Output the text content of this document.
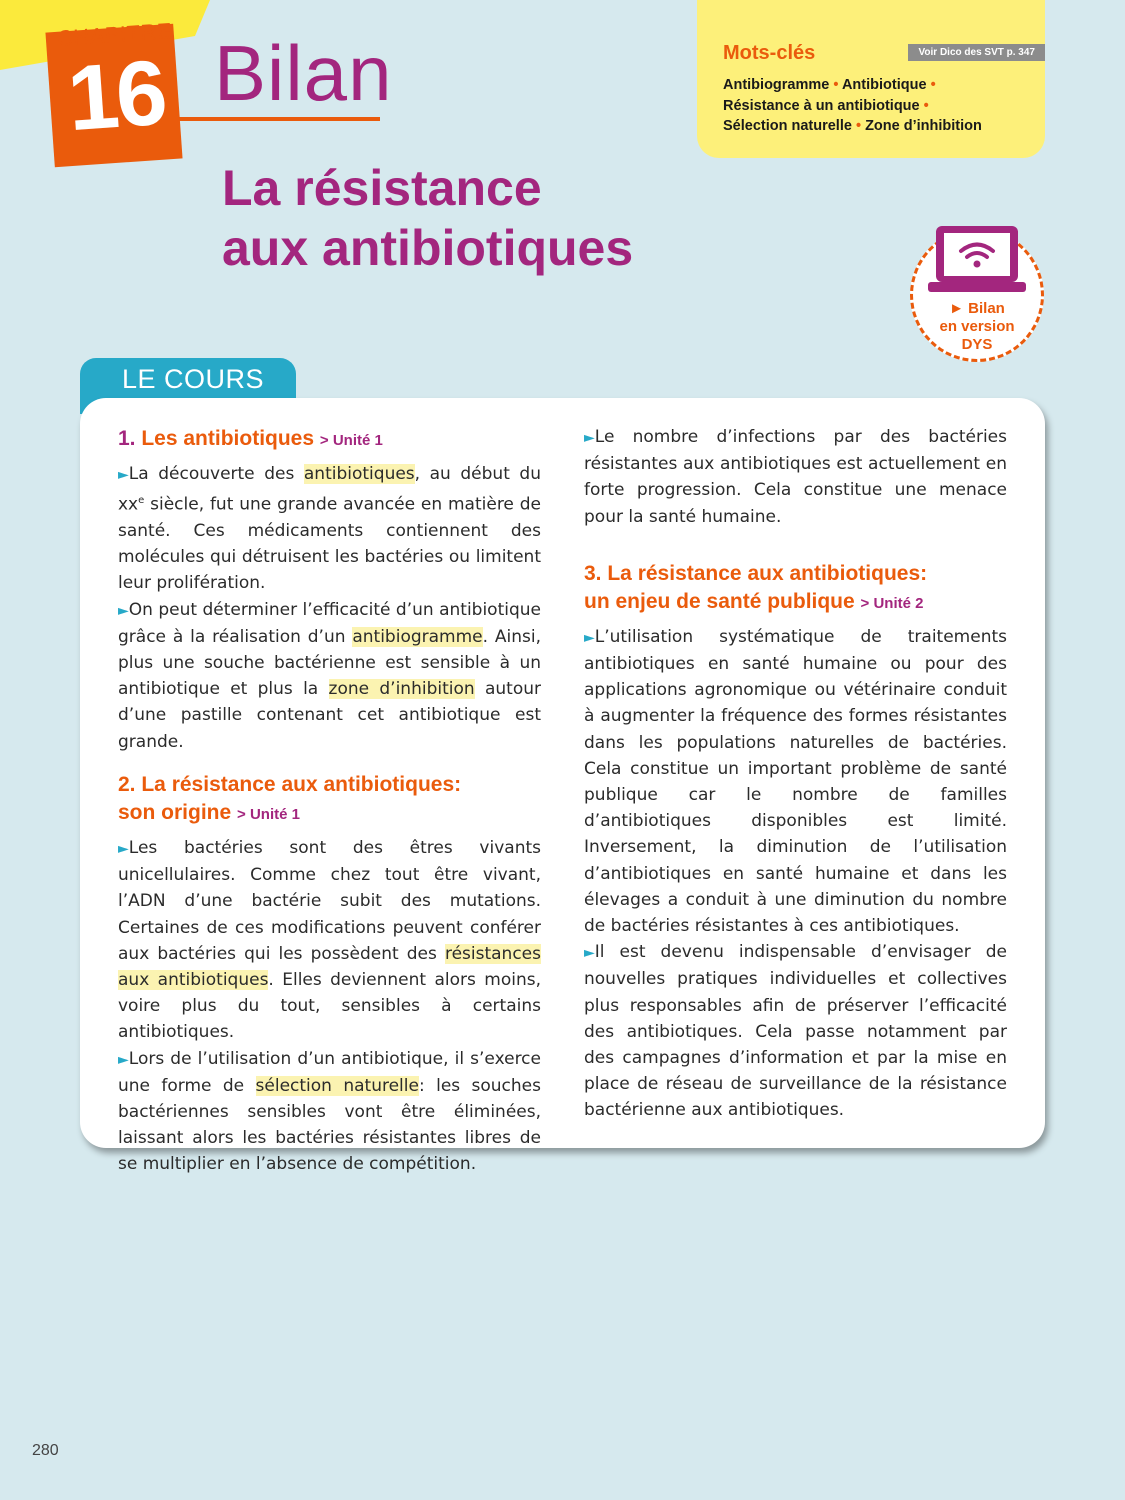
CHAPITRE
16 Bilan
La résistance
aux antibiotiques
Mots-clés	Voir Dico des SVT p. 347
Antibiogramme • Antibiotique •
Résistance à un antibiotique •
Sélection naturelle • Zone d’inhibition
► Bilan
en version
DYS
LE COURS
1. Les antibiotiques > Unité 1

►La découverte des antibiotiques, au début du $xx^e$ siècle, fut une grande avancée en matière de santé. Ces médicaments contiennent des molécules qui détruisent les bactéries ou limitent leur prolifération.

►On peut déterminer l’efficacité d’un antibiotique grâce à la réalisation d’un antibiogramme. Ainsi, plus une souche bactérienne est sensible à un antibiotique et plus la zone d’inhibition autour d’une pastille contenant cet antibiotique est grande.

2. La résistance aux antibiotiques:
son origine > Unité 1

►Les bactéries sont des êtres vivants unicellulaires. Comme chez tout être vivant, l’ADN d’une bactérie subit des mutations. Certaines de ces modifications peuvent conférer aux bactéries qui les possèdent des résistances aux antibiotiques. Elles deviennent alors moins, voire plus du tout, sensibles à certains antibiotiques.

►Lors de l’utilisation d’un antibiotique, il s’exerce une forme de sélection naturelle: les souches bactériennes sensibles vont être éliminées, laissant alors les bactéries résistantes libres de se multiplier en l’absence de compétition.

►Le nombre d’infections par des bactéries résistantes aux antibiotiques est actuellement en forte progression. Cela constitue une menace pour la santé humaine.

3. La résistance aux antibiotiques:
un enjeu de santé publique > Unité 2

►L’utilisation systématique de traitements antibiotiques en santé humaine ou pour des applications agronomique ou vétérinaire conduit à augmenter la fréquence des formes résistantes dans les populations naturelles de bactéries. Cela constitue un important problème de santé publique car le nombre de familles d’antibiotiques disponibles est limité. Inversement, la diminution de l’utilisation d’antibiotiques en santé humaine et dans les élevages a conduit à une diminution du nombre de bactéries résistantes à ces antibiotiques.

►Il est devenu indispensable d’envisager de nouvelles pratiques individuelles et collectives plus responsables afin de préserver l’efficacité des antibiotiques. Cela passe notamment par des campagnes d’information et par la mise en place de réseau de surveillance de la résistance bactérienne aux antibiotiques.

280
